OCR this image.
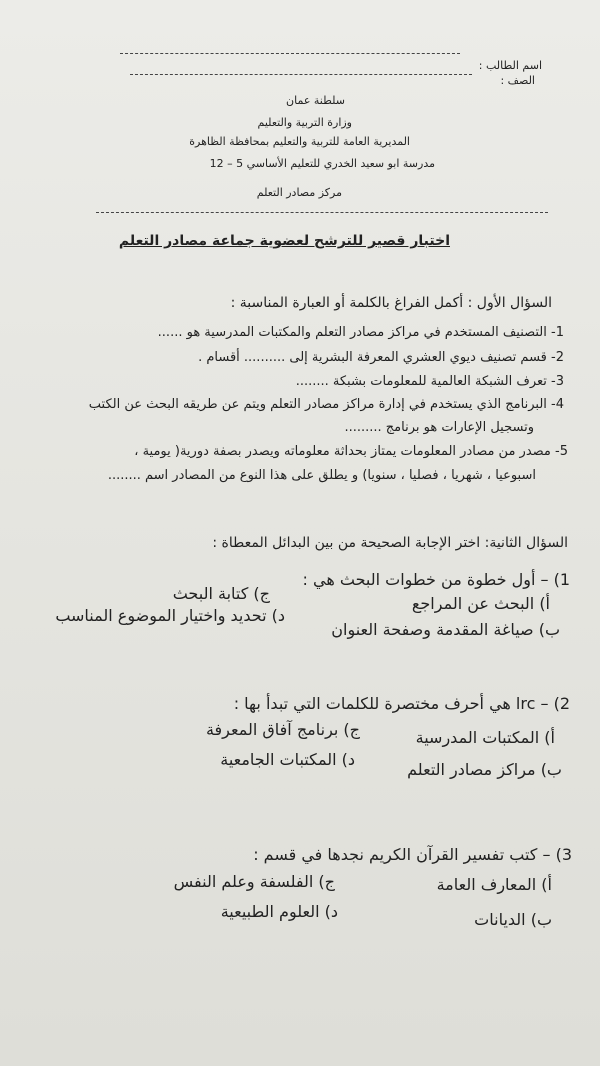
اسم الطالب :
الصف :
سلطنة عمان
وزارة التربية والتعليم
المديرية العامة للتربية والتعليم بمحافظة الظاهرة
مدرسة ابو سعيد الخدري للتعليم الأساسي 5 – 12
مركز مصادر التعلم
اختبار قصير للترشح لعضوية جماعة مصادر التعلم
السؤال الأول : أكمل الفراغ بالكلمة أو العبارة المناسبة :
1- التصنيف المستخدم في مراكز مصادر التعلم والمكتبات المدرسية هو ......
2- قسم تصنيف ديوي العشري المعرفة البشرية إلى .......... أقسام .
3- تعرف الشبكة العالمية للمعلومات بشبكة ........
4- البرنامج الذي يستخدم في إدارة مراكز مصادر التعلم ويتم عن طريقه البحث عن الكتب
وتسجيل الإعارات هو برنامج .........
5- مصدر من مصادر المعلومات يمتاز بحداثة معلوماته ويصدر بصفة دورية( يومية ،
اسبوعيا ، شهريا ، فصليا ، سنويا) و يطلق على هذا النوع من المصادر اسم ........
السؤال الثانية: اختر الإجابة الصحيحة من بين البدائل المعطاة :
1) – أول خطوة من خطوات البحث هي :
أ) البحث عن المراجع
ج) كتابة البحث
ب) صياغة المقدمة وصفحة العنوان
د) تحديد واختيار الموضوع المناسب
2) – lrc هي أحرف مختصرة للكلمات التي تبدأ بها :
أ) المكتبات المدرسية
ج) برنامج آفاق المعرفة
ب) مراكز مصادر التعلم
د) المكتبات الجامعية
3) – كتب تفسير القرآن الكريم نجدها في قسم :
أ) المعارف العامة
ج) الفلسفة وعلم النفس
ب) الديانات
د) العلوم الطبيعية
